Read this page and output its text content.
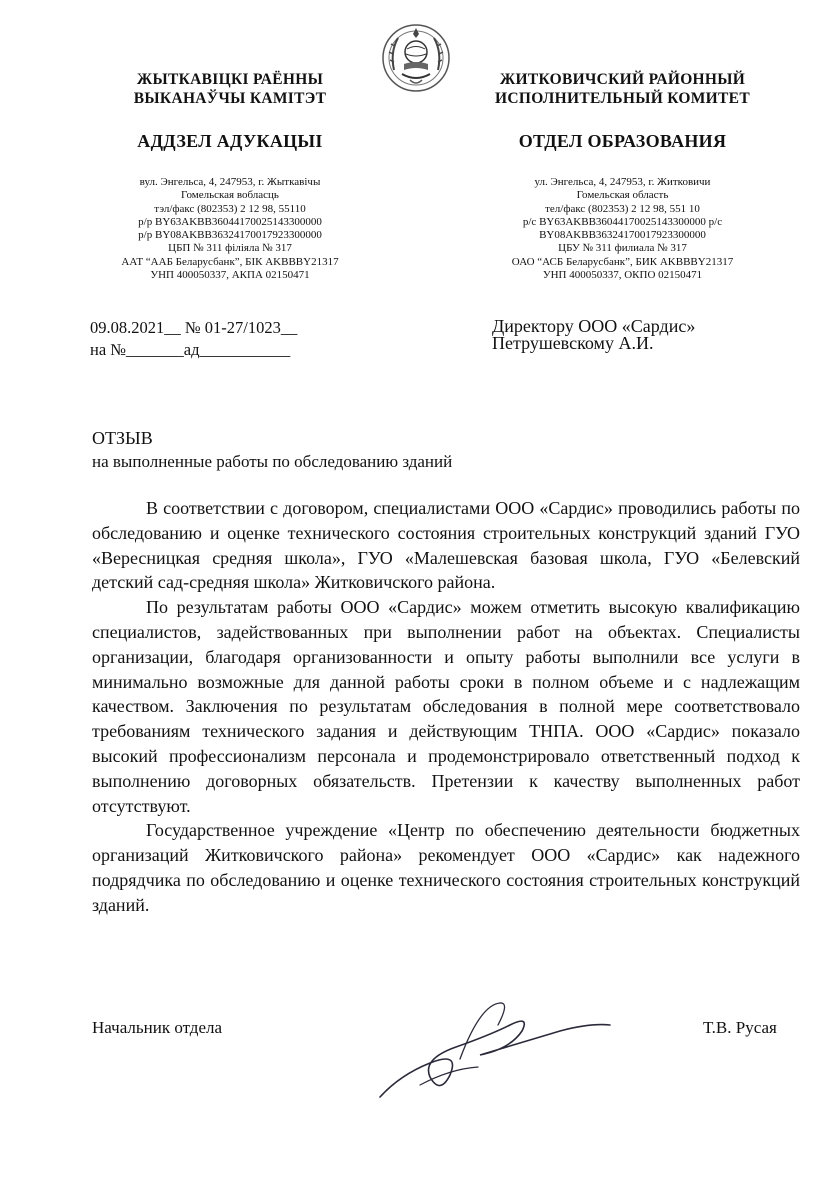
ЖЫТКАВІЦКІ РАЁННЫ
ВЫКАНАЎЧЫ КАМІТЭТ
АДДЗЕЛ АДУКАЦЫІ
вул. Энгельса, 4, 247953, г. Жыткавічы
Гомельская вобласць
тэл/факс (802353) 2 12 98, 55110
р/р BY63AKBB36044170025143300000
р/р BY08AKBB36324170017923300000
ЦБП № 311 філіяла № 317
ААТ “ААБ Беларусбанк”, БІК AKBBBY21317
УНП 400050337, АКПА 02150471
ЖИТКОВИЧСКИЙ РАЙОННЫЙ
ИСПОЛНИТЕЛЬНЫЙ КОМИТЕТ
ОТДЕЛ ОБРАЗОВАНИЯ
ул. Энгельса, 4, 247953, г. Житковичи
Гомельская область
тел/факс (802353) 2 12 98, 551 10
р/с BY63AKBB36044170025143300000 р/с
BY08AKBB36324170017923300000
ЦБУ № 311 филиала № 317
ОАО “АСБ Беларусбанк”, БИК AKBBBY21317
УНП 400050337, ОКПО 02150471
09.08.2021__ № 01-27/1023__
на №_______ад___________
Директору ООО «Сардис»
Петрушевскому А.И.
ОТЗЫВ
на выполненные работы по обследованию зданий

В соответствии с договором, специалистами ООО «Сардис» проводились работы по обследованию и оценке технического состояния строительных конструкций зданий ГУО «Вересницкая средняя школа», ГУО «Малешевская базовая школа, ГУО «Белевский детский сад-средняя школа» Житковичского района.

По результатам работы ООО «Сардис» можем отметить высокую квалификацию специалистов, задействованных при выполнении работ на объектах. Специалисты организации, благодаря организованности и опыту работы выполнили все услуги в минимально возможные для данной работы сроки в полном объеме и с надлежащим качеством. Заключения по результатам обследования в полной мере соответствовало требованиям технического задания и действующим ТНПА. ООО «Сардис» показало высокий профессионализм персонала и продемонстрировало ответственный подход к выполнению договорных обязательств. Претензии к качеству выполненных работ отсутствуют.

Государственное учреждение «Центр по обеспечению деятельности бюджетных организаций Житковичского района» рекомендует ООО «Сардис» как надежного подрядчика по обследованию и оценке технического состояния строительных конструкций зданий.

Начальник отдела	Т.В. Русая
